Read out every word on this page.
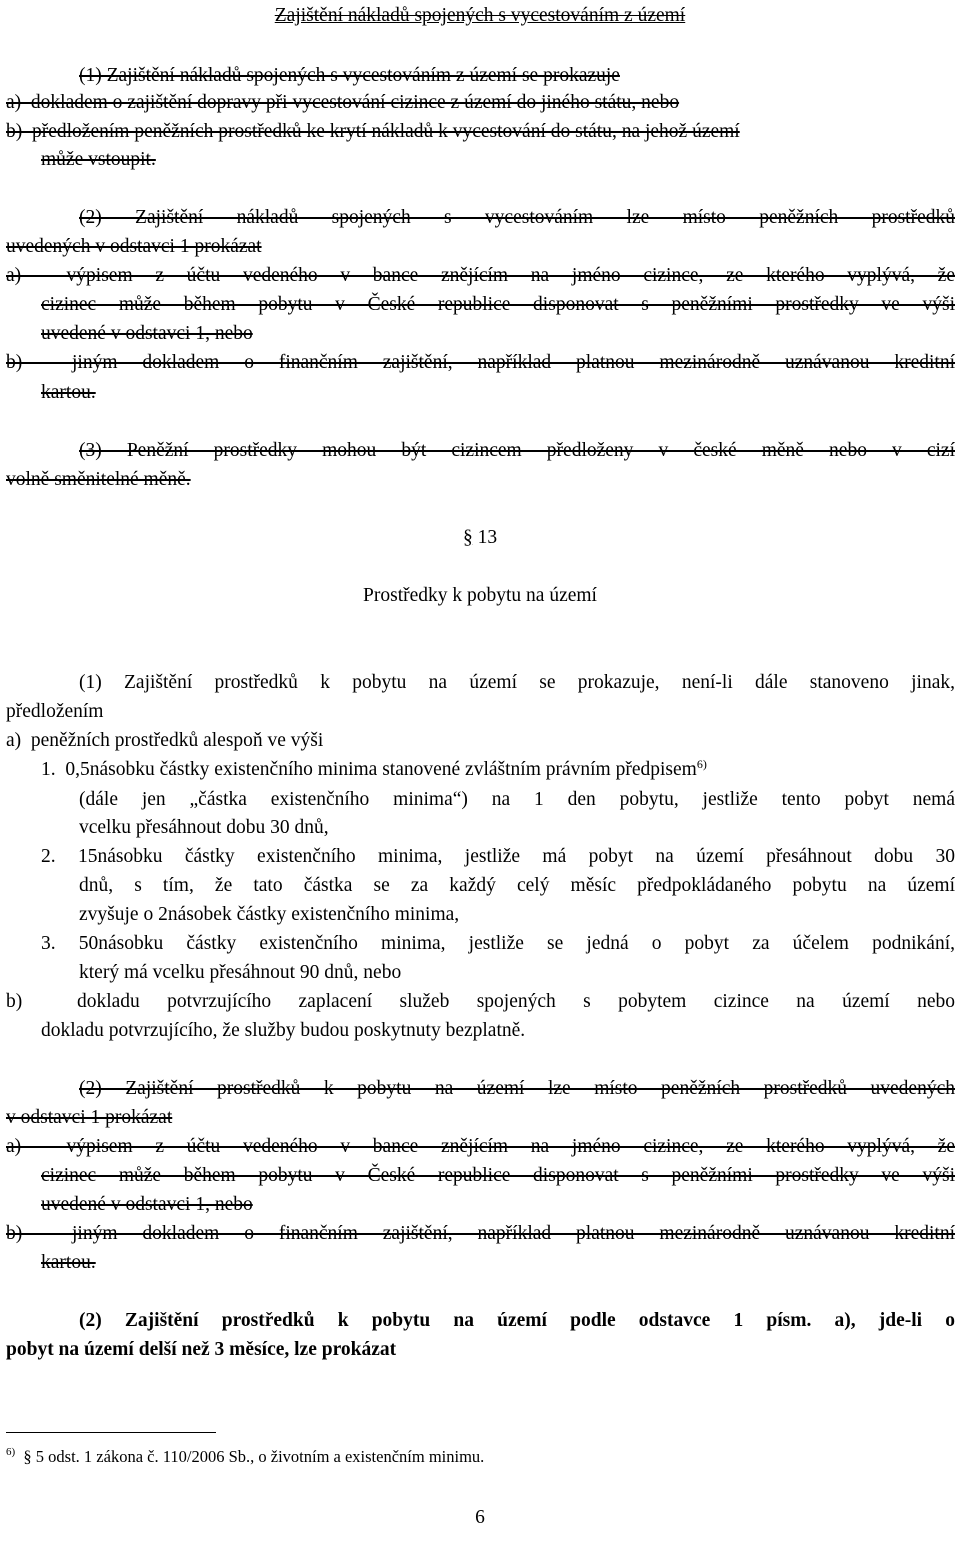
Zajištění nákladů spojených s vycestováním z území
(1) Zajištění nákladů spojených s vycestováním z území se prokazuje
a)  dokladem o zajištění dopravy při vycestování cizince z území do jiného státu, nebo
b)  předložením peněžních prostředků ke krytí nákladů k vycestování do státu, na jehož území
může vstoupit.
(2) Zajištění nákladů spojených s vycestováním lze místo peněžních prostředků
uvedených v odstavci 1 prokázat
a)  výpisem z účtu vedeného v bance znějícím na jméno cizince, ze kterého vyplývá, že
cizinec může během pobytu v České republice disponovat s peněžními prostředky ve výši
uvedené v odstavci 1, nebo
b)  jiným dokladem o finančním zajištění, například platnou mezinárodně uznávanou kreditní
kartou.
(3) Peněžní prostředky mohou být cizincem předloženy v české měně nebo v cizí
volně směnitelné měně.
§ 13
Prostředky k pobytu na území
(1) Zajištění prostředků k pobytu na území se prokazuje, není-li dále stanoveno jinak,
předložením
a)  peněžních prostředků alespoň ve výši
1.  0,5násobku částky existenčního minima stanovené zvláštním právním předpisem$^{6)}$
(dále jen „částka existenčního minima“) na 1 den pobytu, jestliže tento pobyt nemá
vcelku přesáhnout dobu 30 dnů,
2. 15násobku částky existenčního minima, jestliže má pobyt na území přesáhnout dobu 30
dnů, s tím, že tato částka se za každý celý měsíc předpokládaného pobytu na území
zvyšuje o 2násobek částky existenčního minima,
3. 50násobku částky existenčního minima, jestliže se jedná o pobyt za účelem podnikání,
který má vcelku přesáhnout 90 dnů, nebo
b)  dokladu potvrzujícího zaplacení služeb spojených s pobytem cizince na území nebo
dokladu potvrzujícího, že služby budou poskytnuty bezplatně.
(2) Zajištění prostředků k pobytu na území lze místo peněžních prostředků uvedených
v odstavci 1 prokázat
a)  výpisem z účtu vedeného v bance znějícím na jméno cizince, ze kterého vyplývá, že
cizinec může během pobytu v České republice disponovat s peněžními prostředky ve výši
uvedené v odstavci 1, nebo
b)  jiným dokladem o finančním zajištění, například platnou mezinárodně uznávanou kreditní
kartou.
(2) Zajištění prostředků k pobytu na území podle odstavce 1 písm. a), jde-li o
pobyt na území delší než 3 měsíce, lze prokázat
$^{6)}$ § 5 odst. 1 zákona č. 110/2006 Sb., o životním a existenčním minimu.
6
